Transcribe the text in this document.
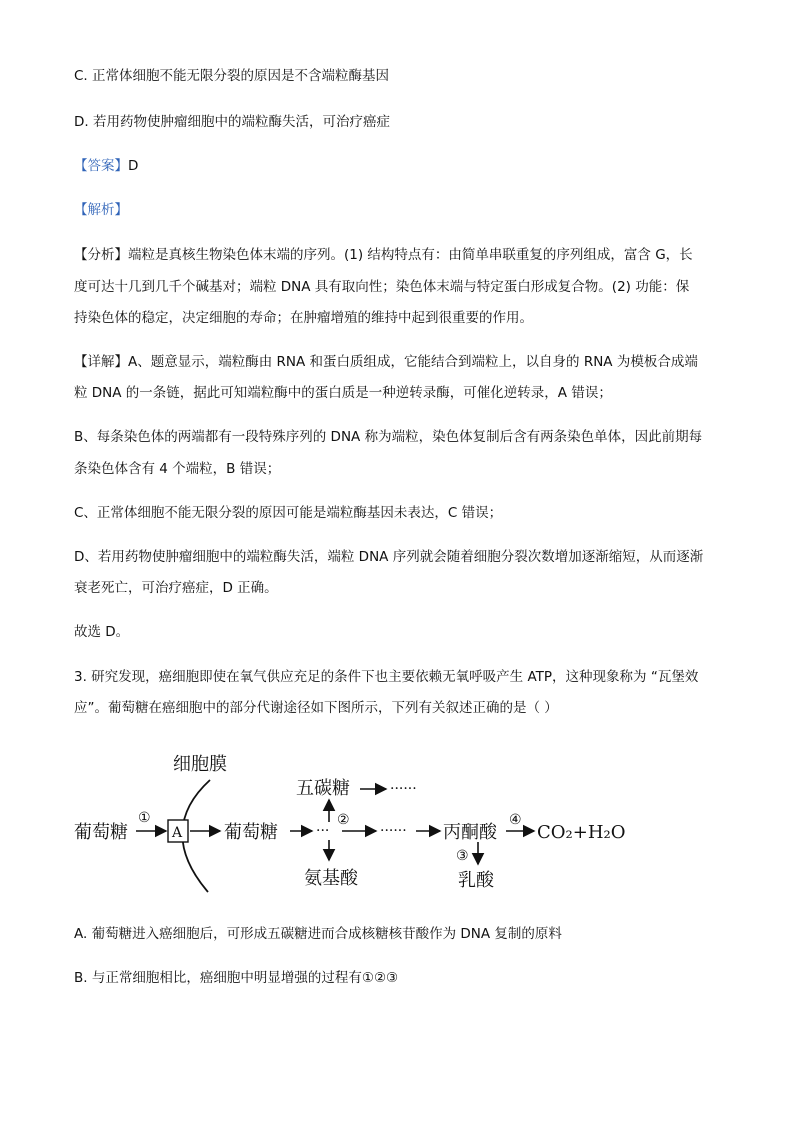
C. 正常体细胞不能无限分裂的原因是不含端粒酶基因
D. 若用药物使肿瘤细胞中的端粒酶失活，可治疗癌症
【答案】D
【解析】
【分析】端粒是真核生物染色体末端的序列。(1) 结构特点有：由简单串联重复的序列组成，富含 G，长
度可达十几到几千个碱基对；端粒 DNA 具有取向性；染色体末端与特定蛋白形成复合物。(2) 功能：保
持染色体的稳定，决定细胞的寿命；在肿瘤增殖的维持中起到很重要的作用。
【详解】A、题意显示，端粒酶由 RNA 和蛋白质组成，它能结合到端粒上，以自身的 RNA 为模板合成端
粒 DNA 的一条链，据此可知端粒酶中的蛋白质是一种逆转录酶，可催化逆转录，A 错误；
B、每条染色体的两端都有一段特殊序列的 DNA 称为端粒，染色体复制后含有两条染色单体，因此前期每
条染色体含有 4 个端粒，B 错误；
C、正常体细胞不能无限分裂的原因可能是端粒酶基因未表达，C 错误；
D、若用药物使肿瘤细胞中的端粒酶失活，端粒 DNA 序列就会随着细胞分裂次数增加逐渐缩短，从而逐渐
衰老死亡，可治疗癌症，D 正确。
故选 D。
3. 研究发现，癌细胞即使在氧气供应充足的条件下也主要依赖无氧呼吸产生 ATP，这种现象称为 “瓦堡效
应”。葡萄糖在癌细胞中的部分代谢途径如下图所示，下列有关叙述正确的是（ ）
细胞膜
葡萄糖
①
A 葡萄糖	···
五碳糖	······
②
······
氨基酸
丙酮酸
④
CO₂+H₂O
③
乳酸
A. 葡萄糖进入癌细胞后，可形成五碳糖进而合成核糖核苷酸作为 DNA 复制的原料
B. 与正常细胞相比，癌细胞中明显增强的过程有①②③
